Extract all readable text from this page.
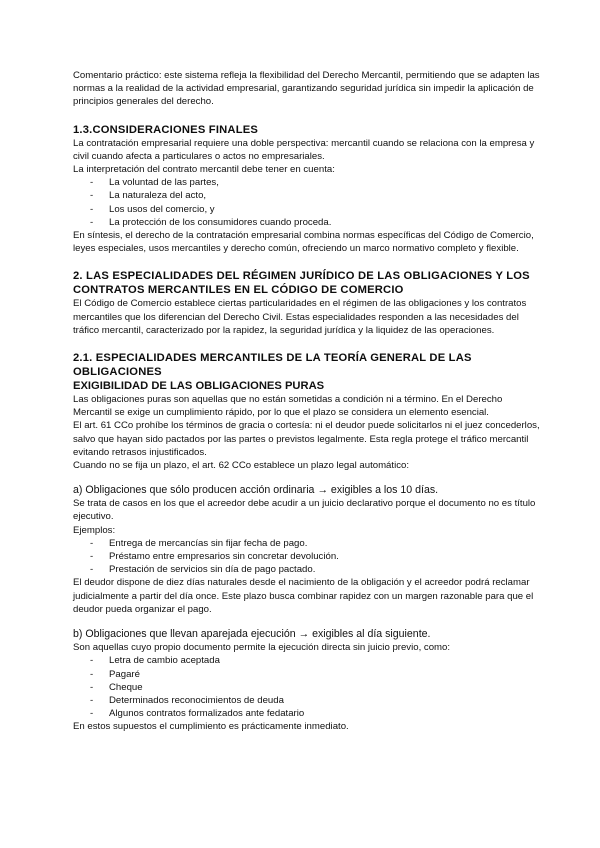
Comentario práctico: este sistema refleja la flexibilidad del Derecho Mercantil, permitiendo que se adapten las normas a la realidad de la actividad empresarial, garantizando seguridad jurídica sin impedir la aplicación de principios generales del derecho.

1.3.CONSIDERACIONES FINALES

La contratación empresarial requiere una doble perspectiva: mercantil cuando se relaciona con la empresa y civil cuando afecta a particulares o actos no empresariales.

La interpretación del contrato mercantil debe tener en cuenta:

- La voluntad de las partes,
- La naturaleza del acto,
- Los usos del comercio, y
- La protección de los consumidores cuando proceda.

En síntesis, el derecho de la contratación empresarial combina normas específicas del Código de Comercio, leyes especiales, usos mercantiles y derecho común, ofreciendo un marco normativo completo y flexible.

2. LAS ESPECIALIDADES DEL RÉGIMEN JURÍDICO DE LAS OBLIGACIONES Y LOS CONTRATOS MERCANTILES EN EL CÓDIGO DE COMERCIO

El Código de Comercio establece ciertas particularidades en el régimen de las obligaciones y los contratos mercantiles que los diferencian del Derecho Civil. Estas especialidades responden a las necesidades del tráfico mercantil, caracterizado por la rapidez, la seguridad jurídica y la liquidez de las operaciones.

2.1. ESPECIALIDADES MERCANTILES DE LA TEORÍA GENERAL DE LAS OBLIGACIONES
EXIGIBILIDAD DE LAS OBLIGACIONES PURAS

Las obligaciones puras son aquellas que no están sometidas a condición ni a término. En el Derecho Mercantil se exige un cumplimiento rápido, por lo que el plazo se considera un elemento esencial.

El art. 61 CCo prohíbe los términos de gracia o cortesía: ni el deudor puede solicitarlos ni el juez concederlos, salvo que hayan sido pactados por las partes o previstos legalmente. Esta regla protege el tráfico mercantil evitando retrasos injustificados.

Cuando no se fija un plazo, el art. 62 CCo establece un plazo legal automático:

a) Obligaciones que sólo producen acción ordinaria → exigibles a los 10 días.

Se trata de casos en los que el acreedor debe acudir a un juicio declarativo porque el documento no es título ejecutivo.

Ejemplos:

- Entrega de mercancías sin fijar fecha de pago.
- Préstamo entre empresarios sin concretar devolución.
- Prestación de servicios sin día de pago pactado.

El deudor dispone de diez días naturales desde el nacimiento de la obligación y el acreedor podrá reclamar judicialmente a partir del día once. Este plazo busca combinar rapidez con un margen razonable para que el deudor pueda organizar el pago.

b) Obligaciones que llevan aparejada ejecución → exigibles al día siguiente.

Son aquellas cuyo propio documento permite la ejecución directa sin juicio previo, como:

- Letra de cambio aceptada
- Pagaré
- Cheque
- Determinados reconocimientos de deuda
- Algunos contratos formalizados ante fedatario

En estos supuestos el cumplimiento es prácticamente inmediato.
